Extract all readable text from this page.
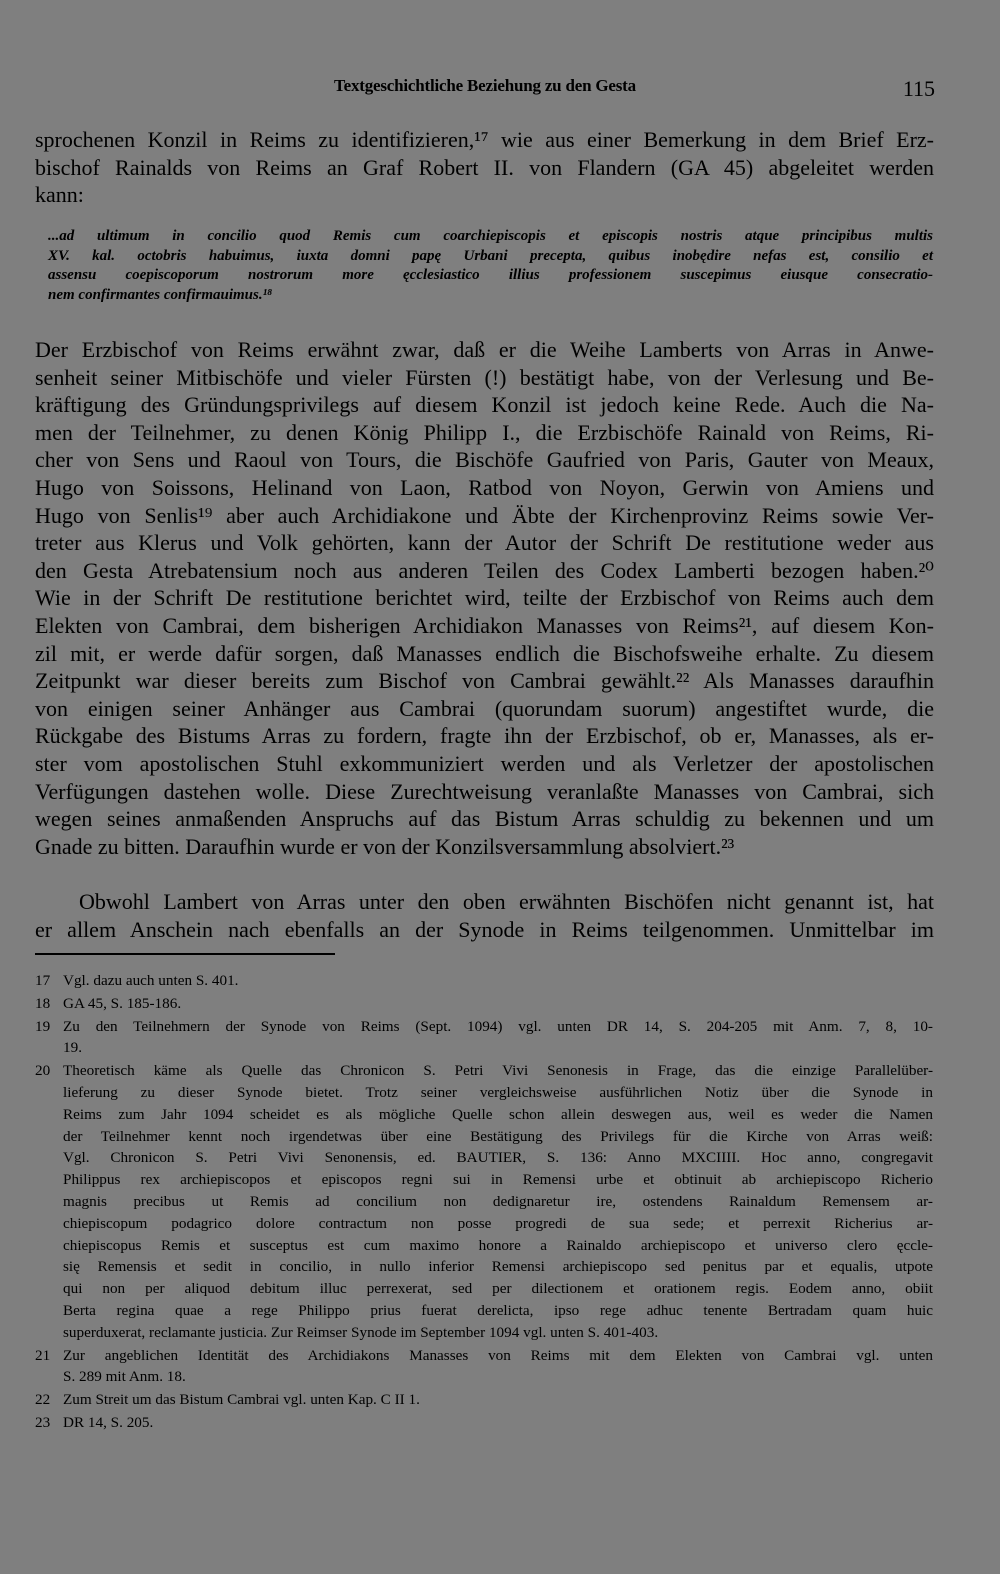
Textgeschichtliche Beziehung zu den Gesta	115
sprochenen Konzil in Reims zu identifizieren,¹⁷ wie aus einer Bemerkung in dem Brief Erz-
bischof Rainalds von Reims an Graf Robert II. von Flandern (GA 45) abgeleitet werden
kann:
...ad ultimum in concilio quod Remis cum coarchiepiscopis et episcopis nostris atque principibus multis
XV. kal. octobris habuimus, iuxta domni papę Urbani precepta, quibus inobędire nefas est, consilio et
assensu coepiscoporum nostrorum more ęcclesiastico illius professionem suscepimus eiusque consecratio-
nem confirmantes confirmauimus.¹⁸
Der Erzbischof von Reims erwähnt zwar, daß er die Weihe Lamberts von Arras in Anwe-
senheit seiner Mitbischöfe und vieler Fürsten (!) bestätigt habe, von der Verlesung und Be-
kräftigung des Gründungsprivilegs auf diesem Konzil ist jedoch keine Rede. Auch die Na-
men der Teilnehmer, zu denen König Philipp I., die Erzbischöfe Rainald von Reims, Ri-
cher von Sens und Raoul von Tours, die Bischöfe Gaufried von Paris, Gauter von Meaux,
Hugo von Soissons, Helinand von Laon, Ratbod von Noyon, Gerwin von Amiens und
Hugo von Senlis¹⁹ aber auch Archidiakone und Äbte der Kirchenprovinz Reims sowie Ver-
treter aus Klerus und Volk gehörten, kann der Autor der Schrift De restitutione weder aus
den Gesta Atrebatensium noch aus anderen Teilen des Codex Lamberti bezogen haben.²⁰
Wie in der Schrift De restitutione berichtet wird, teilte der Erzbischof von Reims auch dem
Elekten von Cambrai, dem bisherigen Archidiakon Manasses von Reims²¹, auf diesem Kon-
zil mit, er werde dafür sorgen, daß Manasses endlich die Bischofsweihe erhalte. Zu diesem
Zeitpunkt war dieser bereits zum Bischof von Cambrai gewählt.²² Als Manasses daraufhin
von einigen seiner Anhänger aus Cambrai (quorundam suorum) angestiftet wurde, die
Rückgabe des Bistums Arras zu fordern, fragte ihn der Erzbischof, ob er, Manasses, als er-
ster vom apostolischen Stuhl exkommuniziert werden und als Verletzer der apostolischen
Verfügungen dastehen wolle. Diese Zurechtweisung veranlaßte Manasses von Cambrai, sich
wegen seines anmaßenden Anspruchs auf das Bistum Arras schuldig zu bekennen und um
Gnade zu bitten. Daraufhin wurde er von der Konzilsversammlung absolviert.²³
Obwohl Lambert von Arras unter den oben erwähnten Bischöfen nicht genannt ist, hat
er allem Anschein nach ebenfalls an der Synode in Reims teilgenommen. Unmittelbar im
17 Vgl. dazu auch unten S. 401.
18 GA 45, S. 185-186.
19 Zu den Teilnehmern der Synode von Reims (Sept. 1094) vgl. unten DR 14, S. 204-205 mit Anm. 7, 8, 10-
19.
20 Theoretisch käme als Quelle das Chronicon S. Petri Vivi Senonesis in Frage, das die einzige Parallelüber-
lieferung zu dieser Synode bietet. Trotz seiner vergleichsweise ausführlichen Notiz über die Synode in
Reims zum Jahr 1094 scheidet es als mögliche Quelle schon allein deswegen aus, weil es weder die Namen
der Teilnehmer kennt noch irgendetwas über eine Bestätigung des Privilegs für die Kirche von Arras weiß:
Vgl. Chronicon S. Petri Vivi Senonensis, ed. BAUTIER, S. 136: Anno MXCIIII. Hoc anno, congregavit
Philippus rex archiepiscopos et episcopos regni sui in Remensi urbe et obtinuit ab archiepiscopo Richerio
magnis precibus ut Remis ad concilium non dedignaretur ire, ostendens Rainaldum Remensem ar-
chiepiscopum podagrico dolore contractum non posse progredi de sua sede; et perrexit Richerius ar-
chiepiscopus Remis et susceptus est cum maximo honore a Rainaldo archiepiscopo et universo clero ęccle-
się Remensis et sedit in concilio, in nullo inferior Remensi archiepiscopo sed penitus par et equalis, utpote
qui non per aliquod debitum illuc perrexerat, sed per dilectionem et orationem regis. Eodem anno, obiit
Berta regina quae a rege Philippo prius fuerat derelicta, ipso rege adhuc tenente Bertradam quam huic
superduxerat, reclamante justicia. Zur Reimser Synode im September 1094 vgl. unten S. 401-403.
21 Zur angeblichen Identität des Archidiakons Manasses von Reims mit dem Elekten von Cambrai vgl. unten
S. 289 mit Anm. 18.
22 Zum Streit um das Bistum Cambrai vgl. unten Kap. C II 1.
23 DR 14, S. 205.
